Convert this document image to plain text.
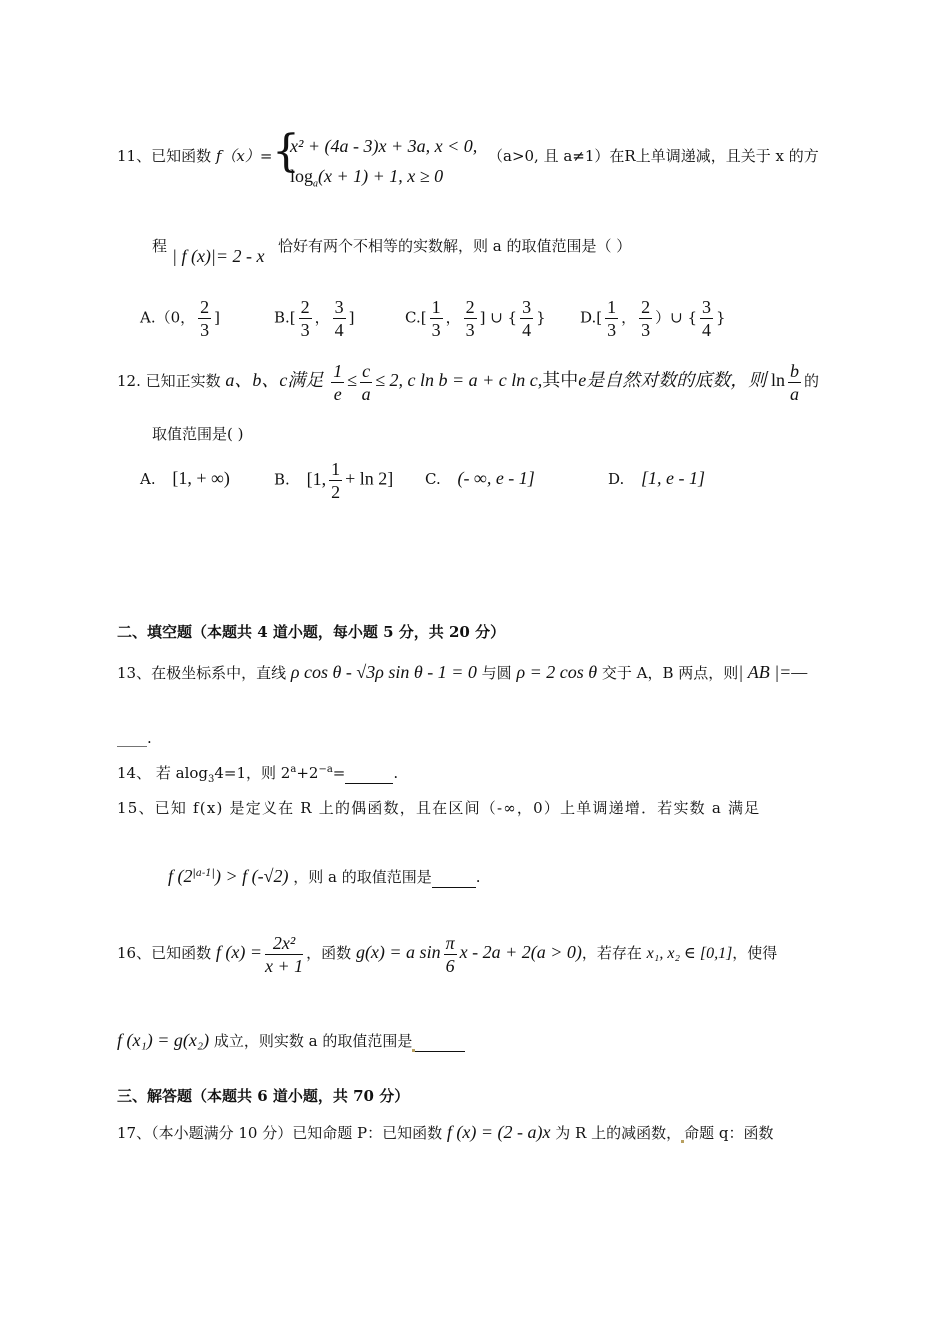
11、已知函数 f（x）= {
x² + (4a - 3)x + 3a, x < 0,
$\log_a(x + 1) + 1$, x ≥ 0
（a>0, 且 a≠1）在R上单调递减，且关于 x 的方
程 | f (x)|= 2 - x 恰好有两个不相等的实数解，则 a 的取值范围是（ ）
A.（0， $\frac{2}{3}$ ]	$B.[ \frac{2}{3}$ ， $\frac{3}{4}$ ]	$C.[ \frac{1}{3}$ ， $\frac{2}{3}$ ] ∪ { $\frac{3}{4}$ } $D.[ \frac{1}{3}$ ， $\frac{2}{3}$ ）∪ { $\frac{3}{4}$ }
12. 已知正实数 a、b、c满足 $\frac{1}{e} \le \frac{c}{a} \le 2$, c ln b = a + c ln c,其中e是自然对数的底数，则 $\ln \frac{b}{a}$ 的
取值范围是( )
A. [1, + ∞)	B. [1, $\frac{1}{2} + \ln 2$] C. (- ∞, e - 1]	D. [1, e - 1]
二、填空题（本题共 4 道小题，每小题 5 分，共 20 分）
13、在极坐标系中，直线 ρ cos θ - √3ρ sin θ - 1 = 0 与圆 ρ = 2 cos θ 交于 A，B 两点，则| AB |=—
____.
14、 若 alog$_3$4=1，则 $2^a+2^{-a}=$	.
15、已知 f(x) 是定义在 R 上的偶函数，且在区间（-∞，0）上单调递增．若实数 a 满足
f $(2^{|a-1|}) > f$ (-√2) ，则 a 的取值范围是	.
16、已知函数 f $(x) = \frac{\text{2x²}}{x + 1}$ ，函数 g(x) = a $\sin \frac{\pi}{6}$ x - 2a + 2(a > 0)，若存在 x₁, x₂ ∈ [0,1]，使得
f (x₁) = g(x₂) 成立，则实数 a 的取值范围是
三、解答题（本题共 6 道小题，共 70 分）
17、（本小题满分 10 分）已知命题 P：已知函数 f (x) = (2 - a)x 为 R 上的减函数， 命题 q：函数
